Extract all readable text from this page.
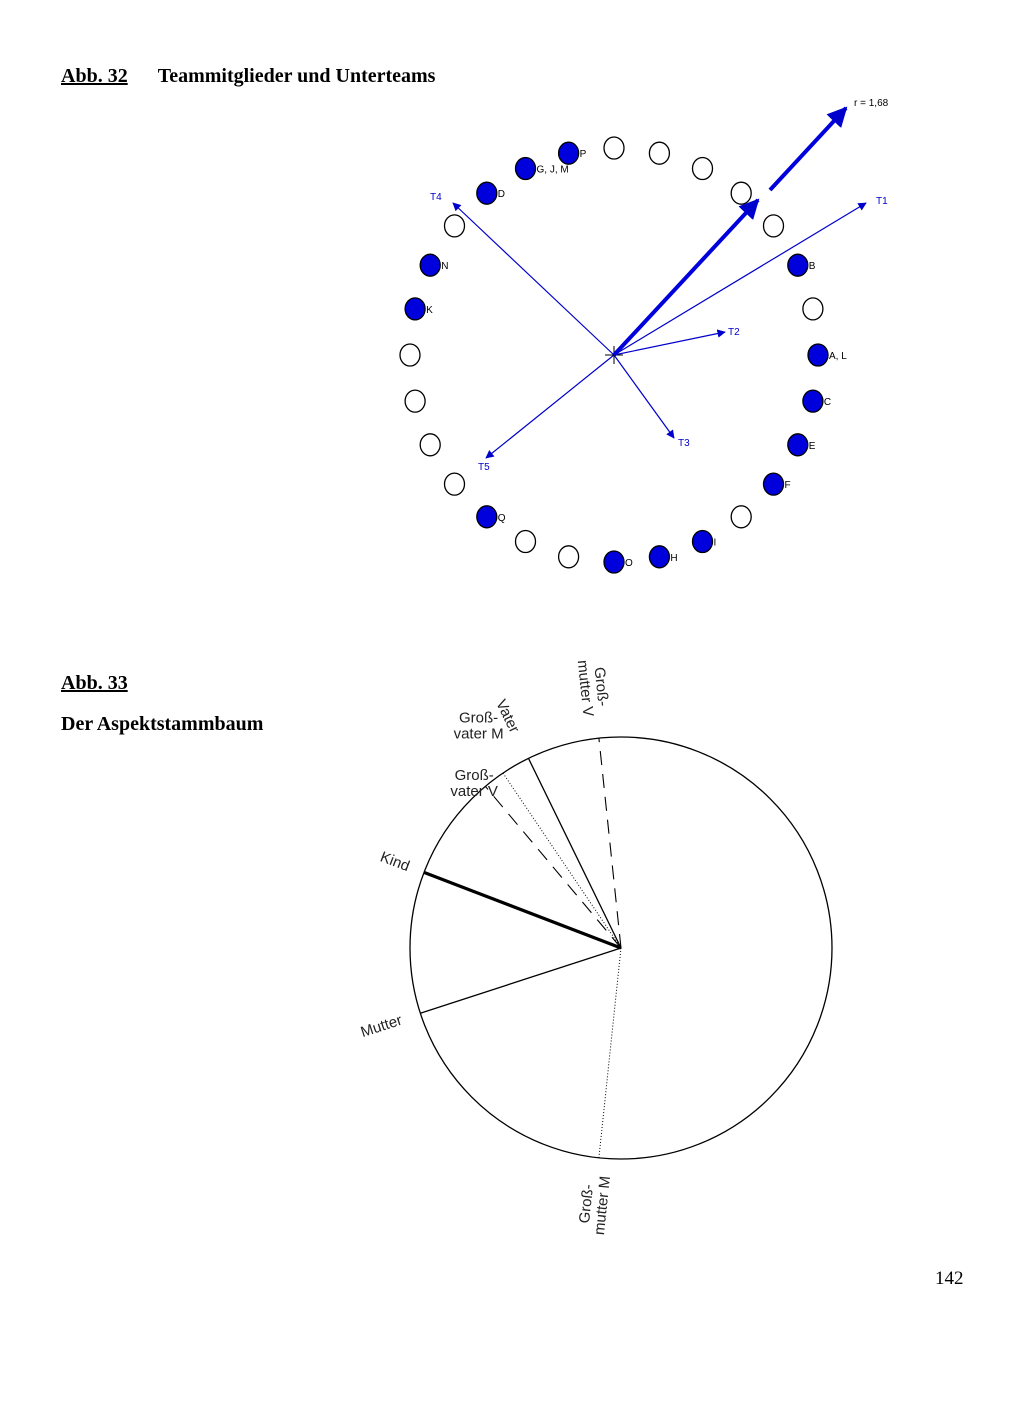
Abb. 32 Teammitglieder und Unterteams
B
A, L
C
E
F
I
H
O
Q
K
N
D
G, J, M
P
T1
T2
T3
T4
T5
r = 1,68
Abb. 33
Der Aspektstammbaum
Groß-mutter V
Vater
Groß-vater M
Groß-vater V
Kind
Mutter
Groß-mutter M
142
